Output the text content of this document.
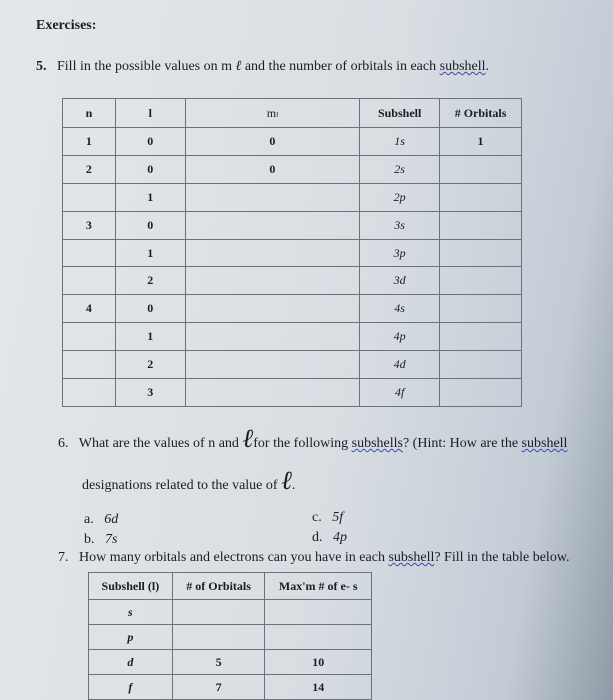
Exercises:
5. Fill in the possible values on m ℓ and the number of orbitals in each subshell.
n	l	mₗ	Subshell	# Orbitals
1	0	0	1s	1
2	0	0	2s	
	1		2p	
3	0		3s	
	1		3p	
	2		3d	
4	0		4s	
	1		4p	
	2		4d	
	3		4f	
6. What are the values of n and ℓfor the following subshells? (Hint: How are the subshell
designations related to the value of ℓ.
a. 6d
b. 7s
c. 5f
d. 4p
7. How many orbitals and electrons can you have in each subshell? Fill in the table below.
Subshell (l)	# of Orbitals	Max'm # of e- s
s		
p		
d	5	10
f	7	14
